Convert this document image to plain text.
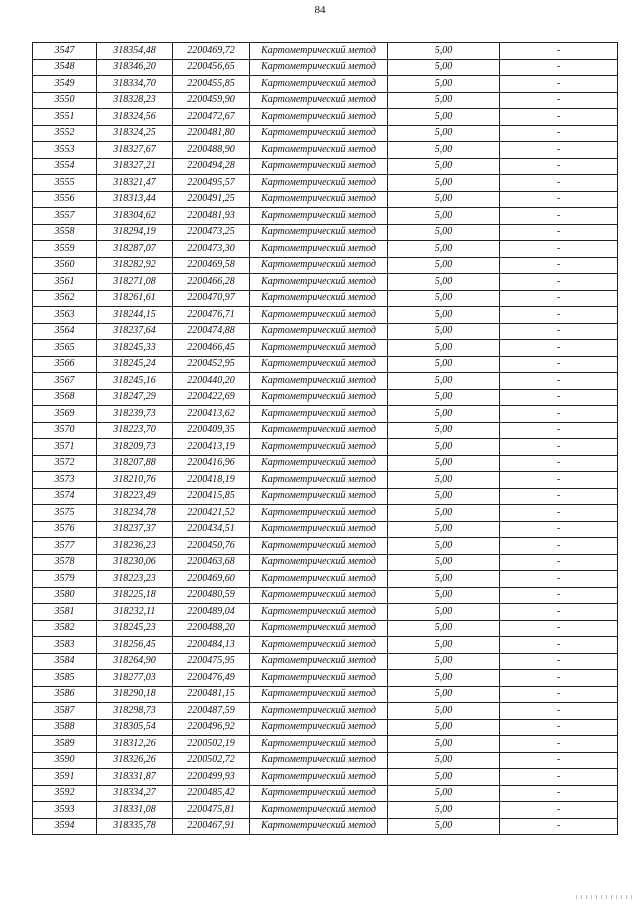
84
3547	318354,48	2200469,72	Картометрический метод	5,00	-
3548	318346,20	2200456,65	Картометрический метод	5,00	-
3549	318334,70	2200455,85	Картометрический метод	5,00	-
3550	318328,23	2200459,90	Картометрический метод	5,00	-
3551	318324,56	2200472,67	Картометрический метод	5,00	-
3552	318324,25	2200481,80	Картометрический метод	5,00	-
3553	318327,67	2200488,90	Картометрический метод	5,00	-
3554	318327,21	2200494,28	Картометрический метод	5,00	-
3555	318321,47	2200495,57	Картометрический метод	5,00	-
3556	318313,44	2200491,25	Картометрический метод	5,00	-
3557	318304,62	2200481,93	Картометрический метод	5,00	-
3558	318294,19	2200473,25	Картометрический метод	5,00	-
3559	318287,07	2200473,30	Картометрический метод	5,00	-
3560	318282,92	2200469,58	Картометрический метод	5,00	-
3561	318271,08	2200466,28	Картометрический метод	5,00	-
3562	318261,61	2200470,97	Картометрический метод	5,00	-
3563	318244,15	2200476,71	Картометрический метод	5,00	-
3564	318237,64	2200474,88	Картометрический метод	5,00	-
3565	318245,33	2200466,45	Картометрический метод	5,00	-
3566	318245,24	2200452,95	Картометрический метод	5,00	-
3567	318245,16	2200440,20	Картометрический метод	5,00	-
3568	318247,29	2200422,69	Картометрический метод	5,00	-
3569	318239,73	2200413,62	Картометрический метод	5,00	-
3570	318223,70	2200409,35	Картометрический метод	5,00	-
3571	318209,73	2200413,19	Картометрический метод	5,00	-
3572	318207,88	2200416,96	Картометрический метод	5,00	-
3573	318210,76	2200418,19	Картометрический метод	5,00	-
3574	318223,49	2200415,85	Картометрический метод	5,00	-
3575	318234,78	2200421,52	Картометрический метод	5,00	-
3576	318237,37	2200434,51	Картометрический метод	5,00	-
3577	318236,23	2200450,76	Картометрический метод	5,00	-
3578	318230,06	2200463,68	Картометрический метод	5,00	-
3579	318223,23	2200469,60	Картометрический метод	5,00	-
3580	318225,18	2200480,59	Картометрический метод	5,00	-
3581	318232,11	2200489,04	Картометрический метод	5,00	-
3582	318245,23	2200488,20	Картометрический метод	5,00	-
3583	318256,45	2200484,13	Картометрический метод	5,00	-
3584	318264,90	2200475,95	Картометрический метод	5,00	-
3585	318277,03	2200476,49	Картометрический метод	5,00	-
3586	318290,18	2200481,15	Картометрический метод	5,00	-
3587	318298,73	2200487,59	Картометрический метод	5,00	-
3588	318305,54	2200496,92	Картометрический метод	5,00	-
3589	318312,26	2200502,19	Картометрический метод	5,00	-
3590	318326,26	2200502,72	Картометрический метод	5,00	-
3591	318331,87	2200499,93	Картометрический метод	5,00	-
3592	318334,27	2200485,42	Картометрический метод	5,00	-
3593	318331,08	2200475,81	Картометрический метод	5,00	-
3594	318335,78	2200467,91	Картометрический метод	5,00	-
